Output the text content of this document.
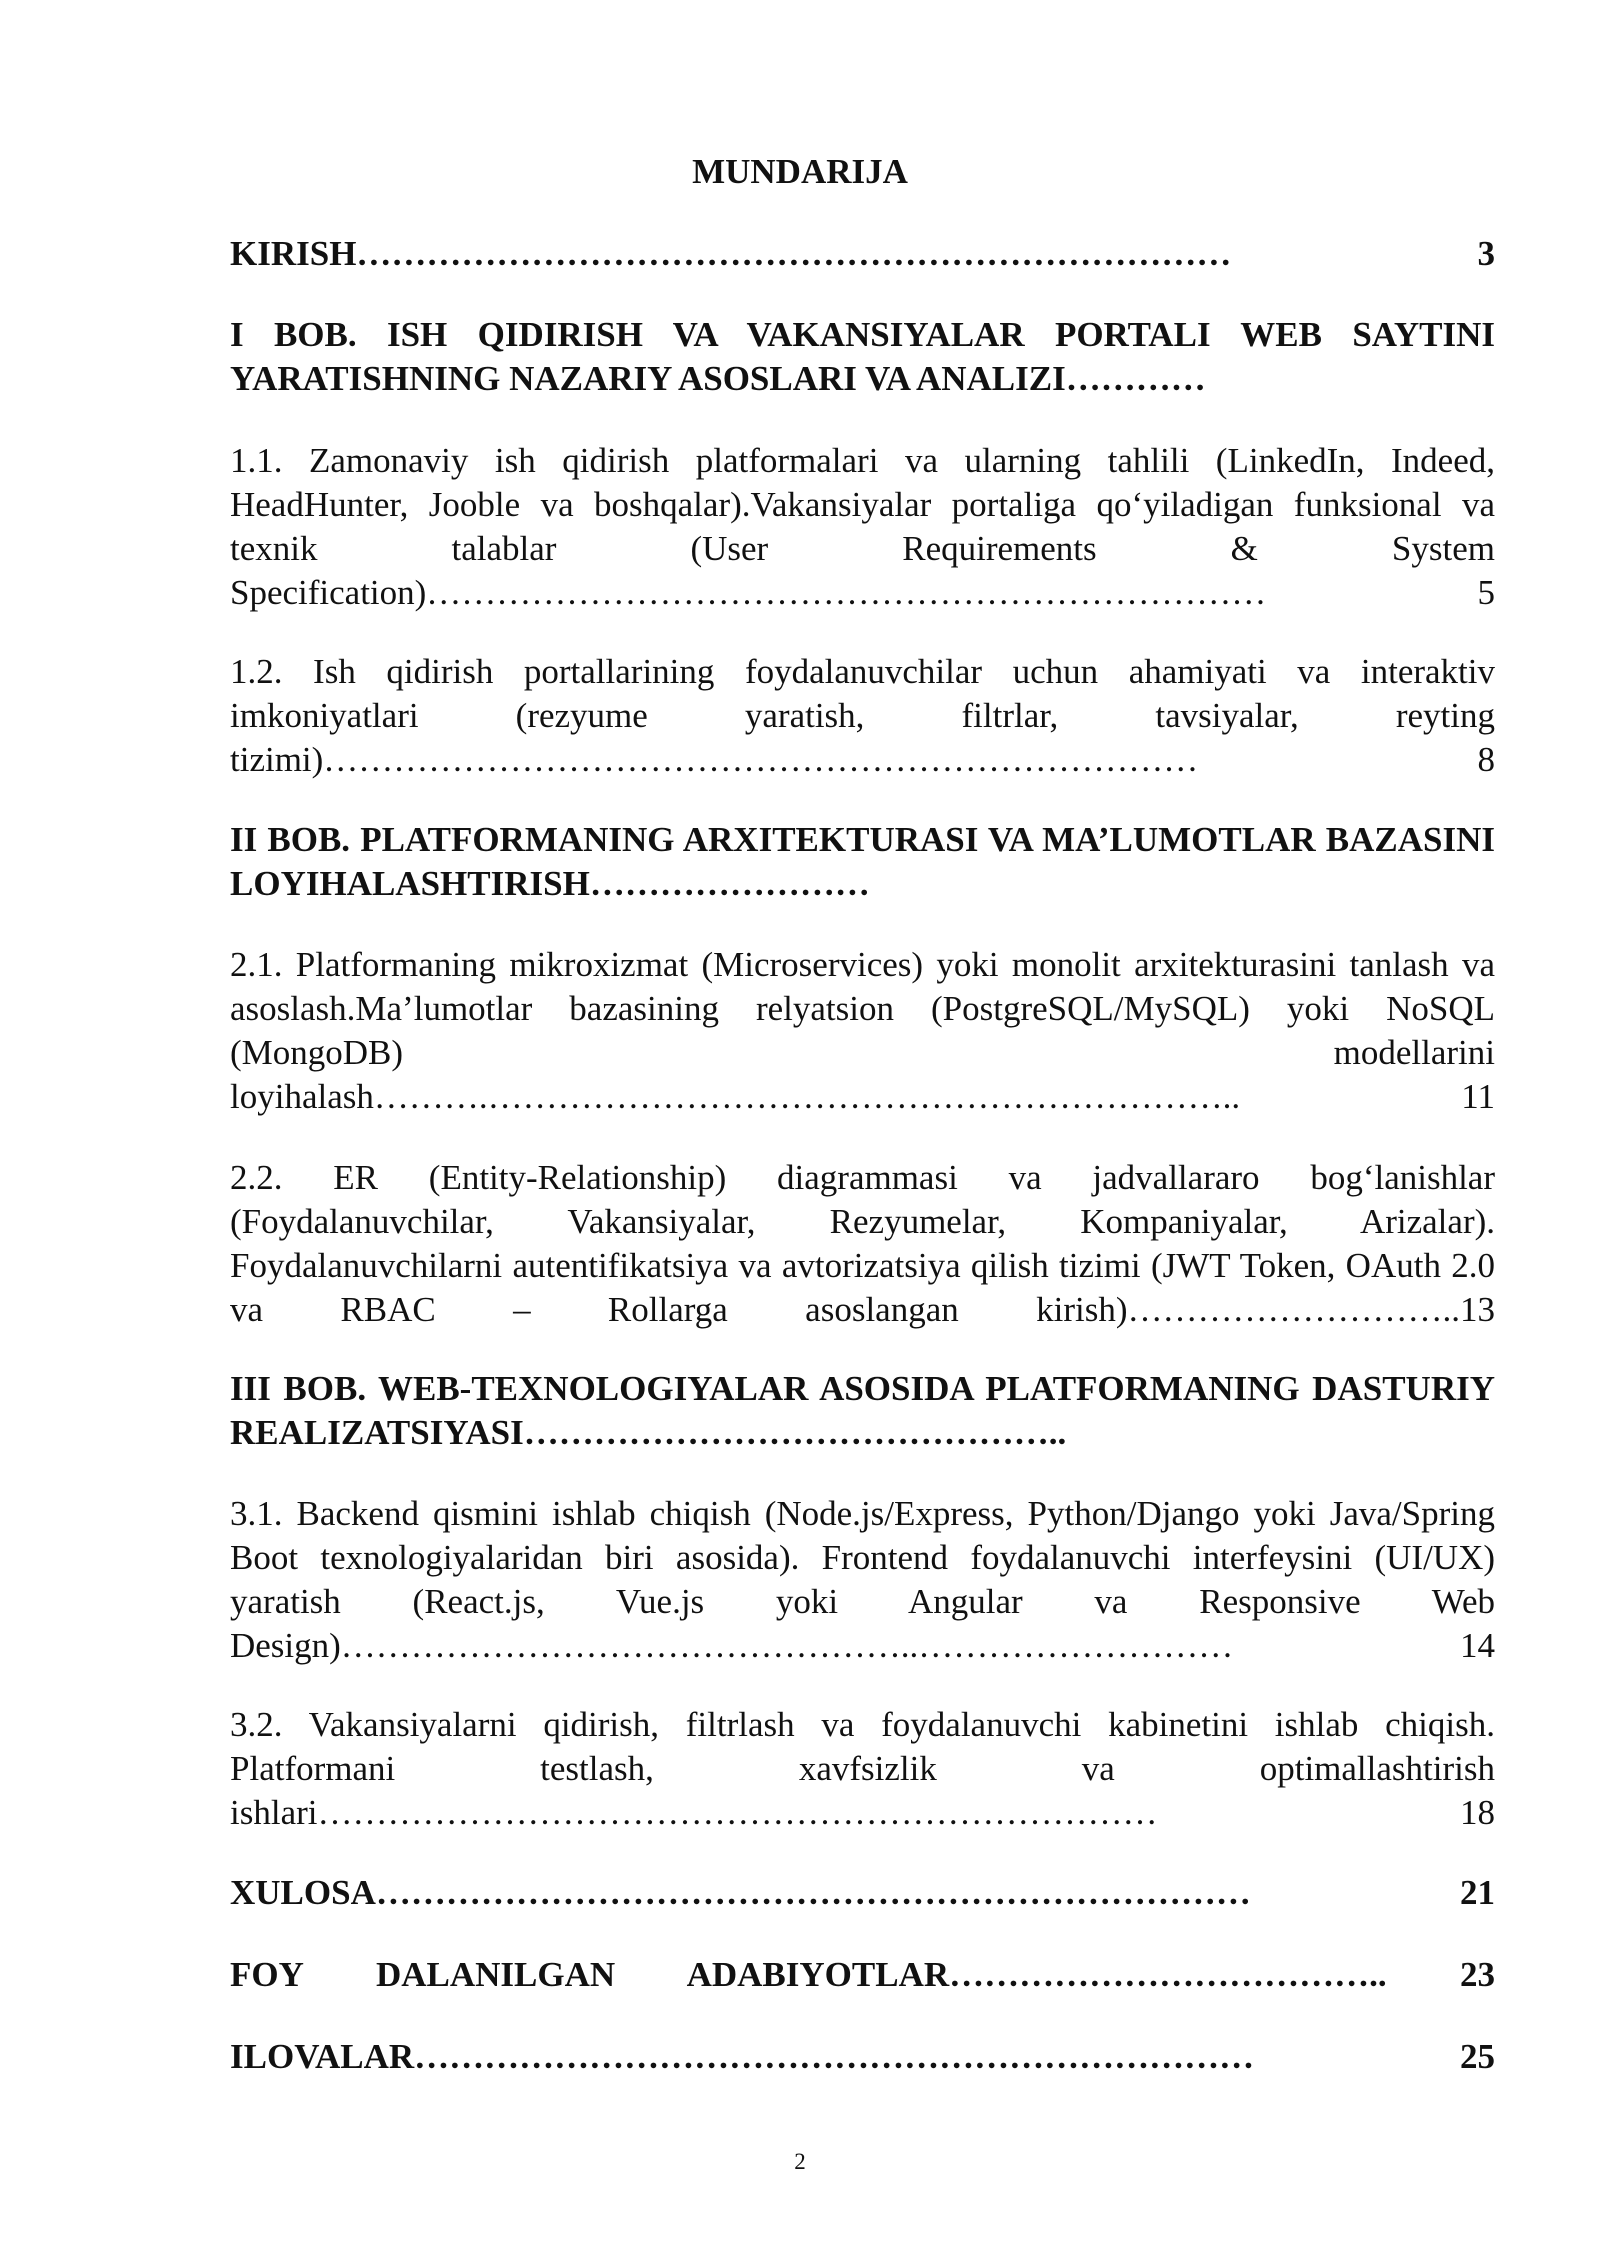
MUNDARIJA
KIRISH…………………………………………………………………	3
I BOB. ISH QIDIRISH VA VAKANSIYALAR PORTALI WEB SAYTINI YARATISHNING NAZARIY ASOSLARI VA ANALIZI…………
1.1. Zamonaviy ish qidirish platformalari va ularning tahlili (LinkedIn, Indeed, HeadHunter, Jooble va boshqalar).Vakansiyalar portaliga qo‘yiladigan funksional va texnik talablar (User Requirements & System Specification)………………………………………………………………	5
1.2. Ish qidirish portallarining foydalanuvchilar uchun ahamiyati va interaktiv imkoniyatlari (rezyume yaratish, filtrlar, tavsiyalar, reyting tizimi)…………………………………………………………………	8
II BOB. PLATFORMANING ARXITEKTURASI VA MA’LUMOTLAR BAZASINI LOYIHALASHTIRISH……………………
2.1. Platformaning mikroxizmat (Microservices) yoki monolit arxitekturasini tanlash va asoslash.Ma’lumotlar bazasining relyatsion (PostgreSQL/MySQL) yoki NoSQL (MongoDB) modellarini loyihalash……….………………………………………………………..	11
2.2. ER (Entity-Relationship) diagrammasi va jadvallararo bog‘lanishlar (Foydalanuvchilar, Vakansiyalar, Rezyumelar, Kompaniyalar, Arizalar). Foydalanuvchilarni autentifikatsiya va avtorizatsiya qilish tizimi (JWT Token, OAuth 2.0 va RBAC – Rollarga asoslangan kirish)………………………..13
III BOB. WEB-TEXNOLOGIYALAR ASOSIDA PLATFORMANING DASTURIY REALIZATSIYASI………………………………………..
3.1. Backend qismini ishlab chiqish (Node.js/Express, Python/Django yoki Java/Spring Boot texnologiyalaridan biri asosida). Frontend foydalanuvchi interfeysini (UI/UX) yaratish (React.js, Vue.js yoki Angular va Responsive Web Design)…………………………………………..………………………	14
3.2. Vakansiyalarni qidirish, filtrlash va foydalanuvchi kabinetini ishlab chiqish. Platformani testlash, xavfsizlik va optimallashtirish ishlari………………………………………………………………	18
XULOSA…………………………………………………………………	21
FOY DALANILGAN ADABIYOTLAR……………………………….. 23
ILOVALAR………………………………………………………………	25
2
